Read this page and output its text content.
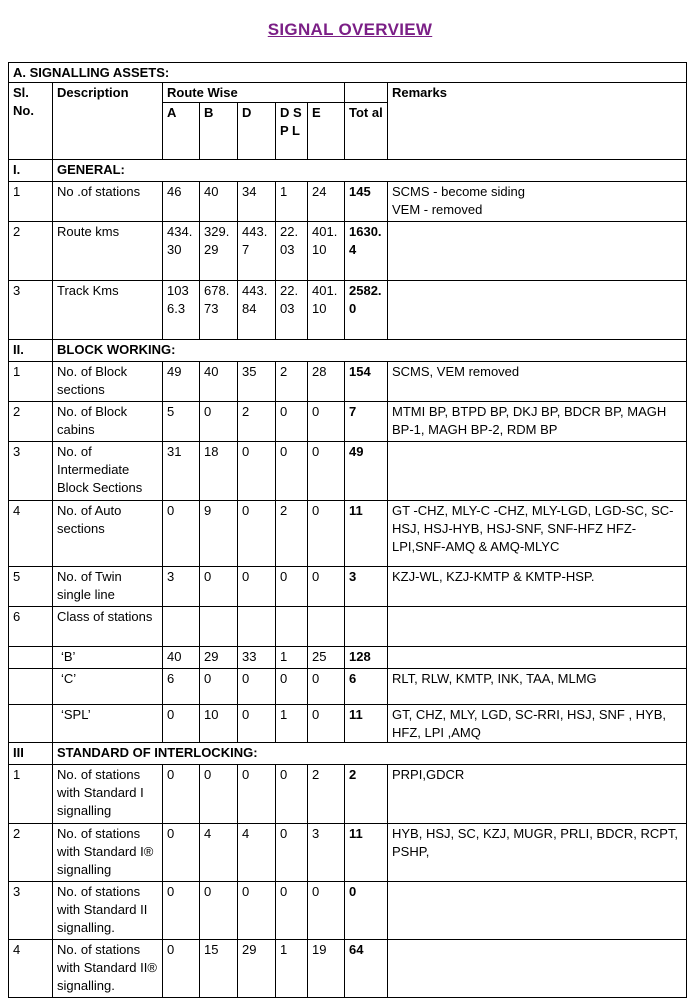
SIGNAL OVERVIEW
A. SIGNALLING ASSETS:								
Sl. No.	Description	Route Wise						Remarks
		A	B	D	D SP L	E	Tot al	
I.	GENERAL:							
1	No .of stations	46	40	34	1	24	145	SCMS - become siding
VEM - removed
2	Route kms	434.30	329.29	443.7	22.03	401.10	1630.4	
3	Track Kms	1036.3	678.73	443.84	22.03	401.10	2582.0	
II.	BLOCK WORKING:							
1	No. of Block sections	49	40	35	2	28	154	SCMS, VEM removed
2	No. of Block cabins	5	0	2	0	0	7	MTMI BP, BTPD BP, DKJ BP, BDCR BP, MAGH BP-1, MAGH BP-2, RDM BP
3	No. of Intermediate Block Sections	31	18	0	0	0	49	
4	No. of Auto sections	0	9	0	2	0	11	GT -CHZ, MLY-C -CHZ, MLY-LGD, LGD-SC, SC-HSJ, HSJ-HYB, HSJ-SNF, SNF-HFZ HFZ-LPI,SNF-AMQ & AMQ-MLYC
5	No. of Twin single line	3	0	0	0	0	3	KZJ-WL, KZJ-KMTP & KMTP-HSP.
6	Class of stations							
	‘B’	40	29	33	1	25	128	
	‘C’	6	0	0	0	0	6	RLT, RLW, KMTP, INK, TAA, MLMG
	‘SPL’	0	10	0	1	0	11	GT, CHZ, MLY, LGD, SC-RRI, HSJ, SNF , HYB, HFZ, LPI ,AMQ
III	STANDARD OF INTERLOCKING:							
1	No. of stations with Standard I signalling	0	0	0	0	2	2	PRPI,GDCR
2	No. of stations with Standard I® signalling	0	4	4	0	3	11	HYB, HSJ, SC, KZJ, MUGR, PRLI, BDCR, RCPT, PSHP,
3	No. of stations with Standard II signalling.	0	0	0	0	0	0	
4	No. of stations with Standard II® signalling.	0	15	29	1	19	64	
